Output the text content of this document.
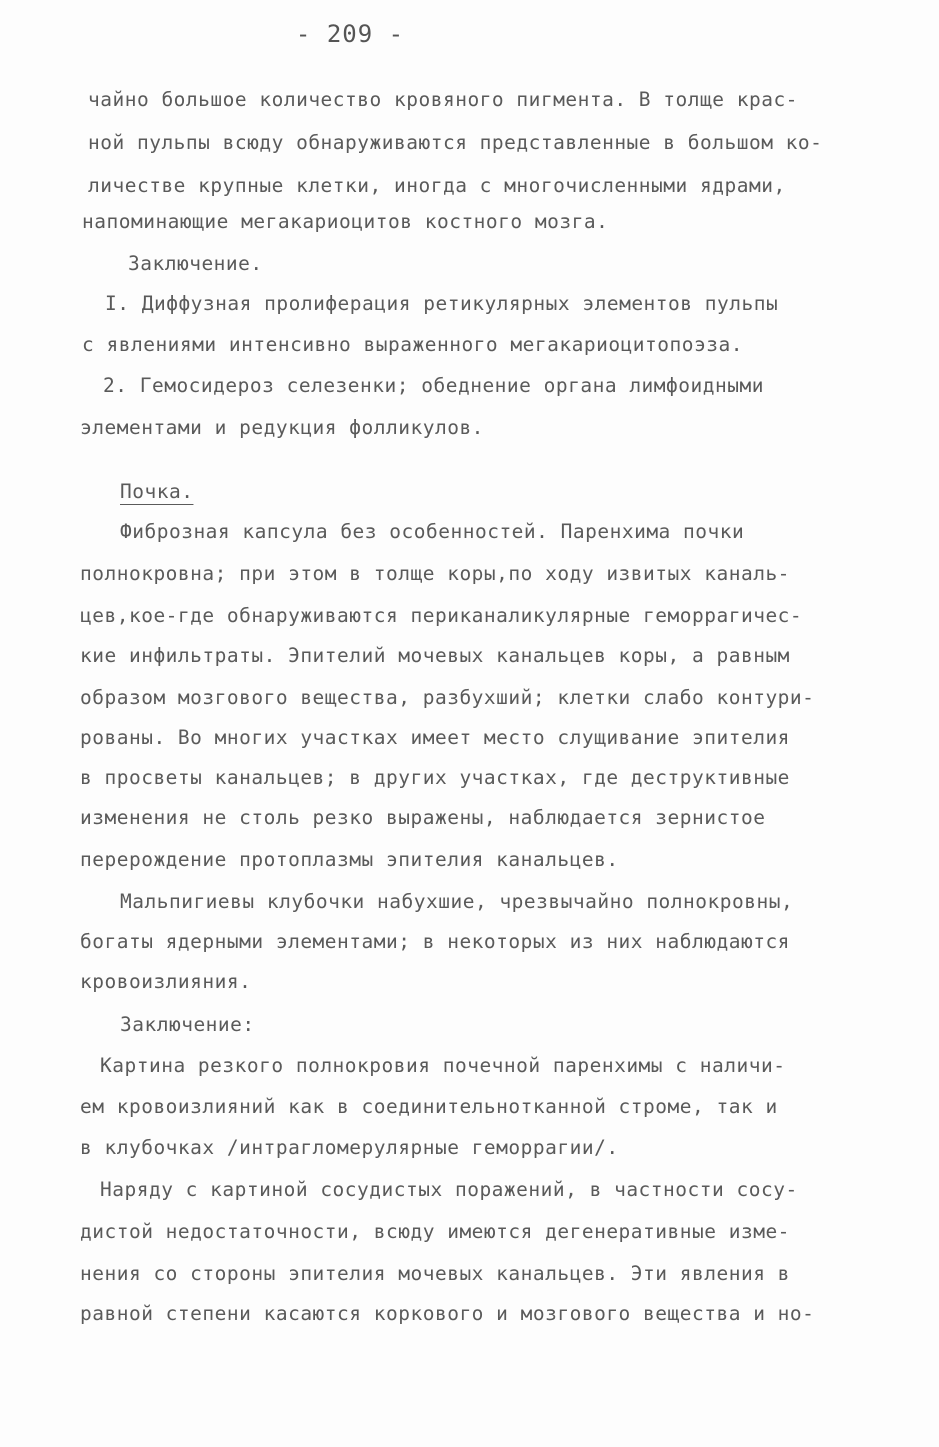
- 209 -
чайно большое количество кровяного пигмента. В толще крас-
ной пульпы всюду обнаруживаются представленные в большом ко-
личестве крупные клетки, иногда с многочисленными ядрами,
напоминающие мегакариоцитов костного мозга.
Заключение.
I. Диффузная пролиферация ретикулярных элементов пульпы
с явлениями интенсивно выраженного мегакариоцитопоэза.
2. Гемосидероз селезенки; обеднение органа лимфоидными
элементами и редукция фолликулов.
Почка.
Фиброзная капсула без особенностей. Паренхима почки
полнокровна; при этом в толще коры,по ходу извитых каналь-
цев,кое-где обнаруживаются периканаликулярные геморрагичес-
кие инфильтраты. Эпителий мочевых канальцев коры, а равным
образом мозгового вещества, разбухший; клетки слабо контури-
рованы. Во многих участках имеет место слущивание эпителия
в просветы канальцев; в других участках, где деструктивные
изменения не столь резко выражены, наблюдается зернистое
перерождение протоплазмы эпителия канальцев.
Мальпигиевы клубочки набухшие, чрезвычайно полнокровны,
богаты ядерными элементами; в некоторых из них наблюдаются
кровоизлияния.
Заключение:
Картина резкого полнокровия почечной паренхимы с наличи-
ем кровоизлияний как в соединительнотканной строме, так и
в клубочках /интрагломерулярные геморрагии/.
Наряду с картиной сосудистых поражений, в частности сосу-
дистой недостаточности, всюду имеются дегенеративные изме-
нения со стороны эпителия мочевых канальцев. Эти явления в
равной степени касаются коркового и мозгового вещества и но-
